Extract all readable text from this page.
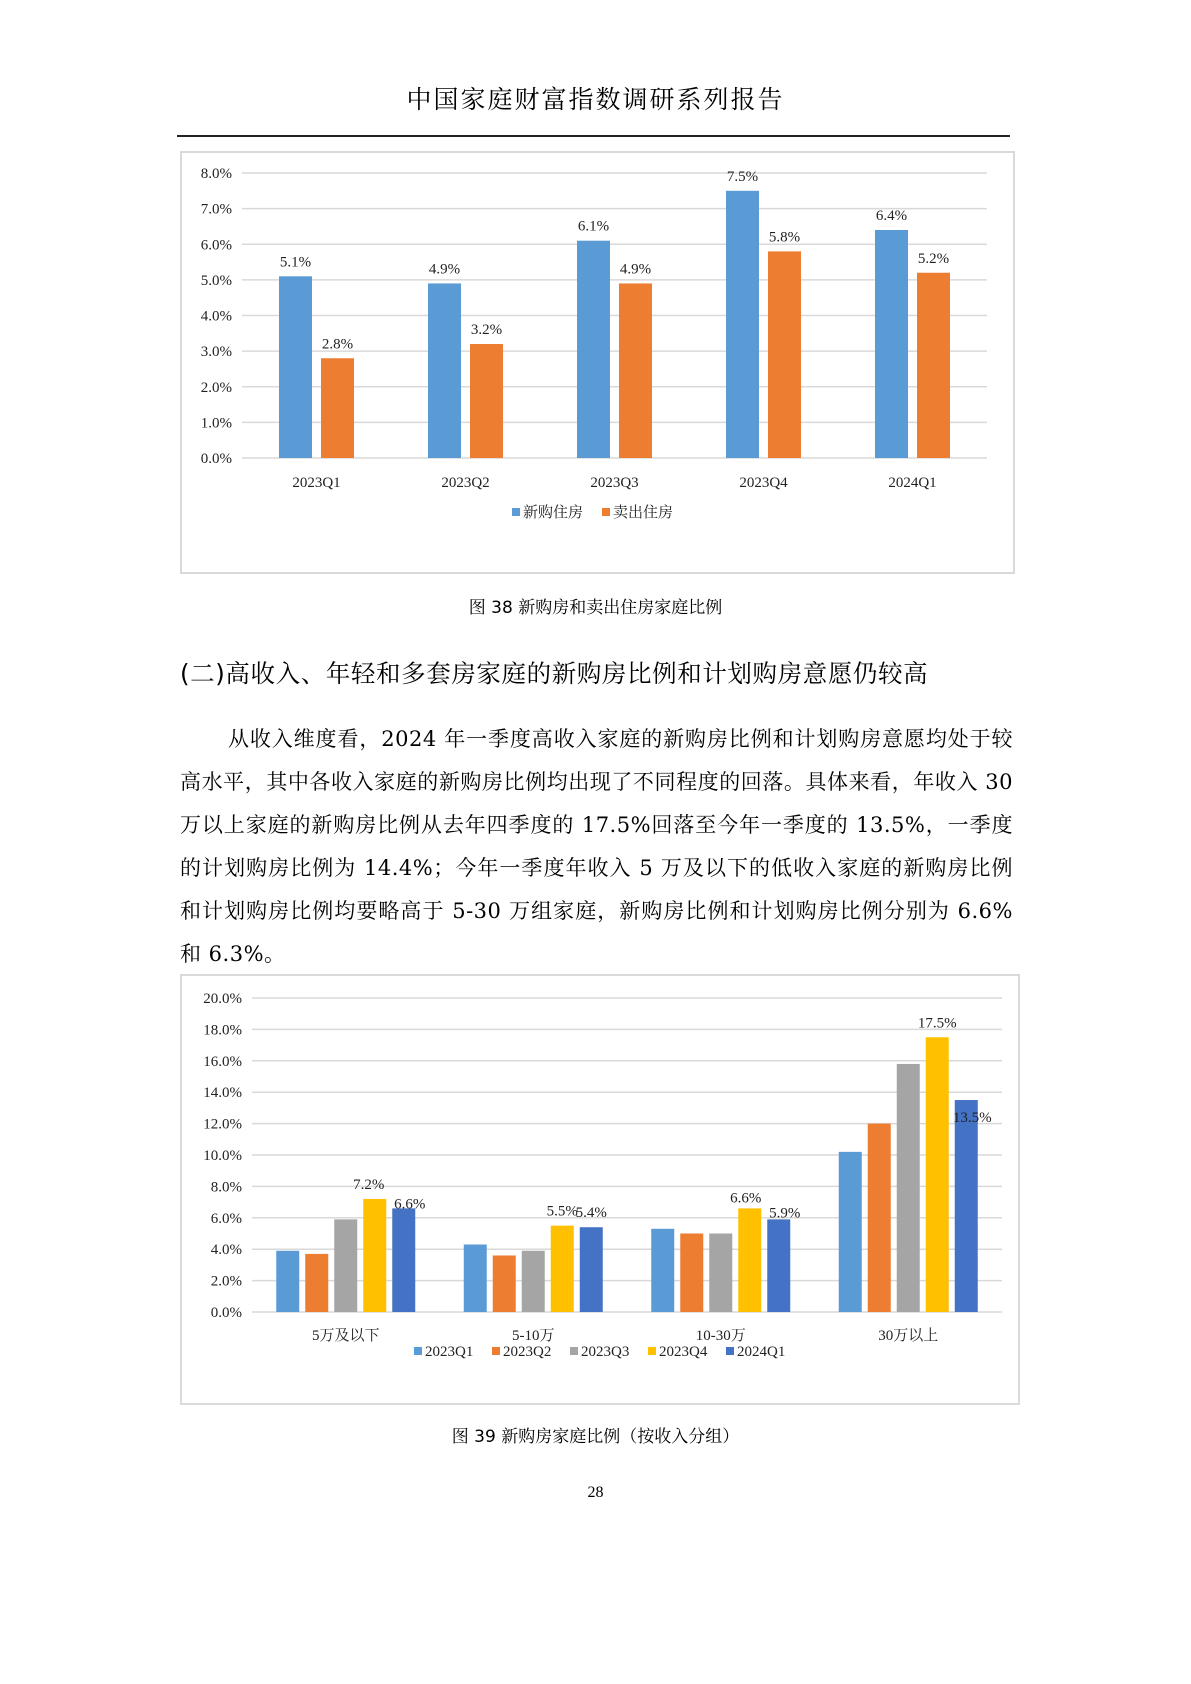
中国家庭财富指数调研系列报告
0.0%
1.0%
2.0%
3.0%
4.0%
5.0%
6.0%
7.0%
8.0%
5.1%
2.8%
2023Q1
4.9%
3.2%
2023Q2
6.1%
4.9%
2023Q3
7.5%
5.8%
2023Q4
6.4%
5.2%
2024Q1
新购住房 卖出住房
图 38 新购房和卖出住房家庭比例
(二)高收入、年轻和多套房家庭的新购房比例和计划购房意愿仍较高
从收入维度看，2024 年一季度高收入家庭的新购房比例和计划购房意愿均处于较高水平，其中各收入家庭的新购房比例均出现了不同程度的回落。具体来看，年收入 30 万以上家庭的新购房比例从去年四季度的 17.5%回落至今年一季度的 13.5%，一季度的计划购房比例为 14.4%；今年一季度年收入 5 万及以下的低收入家庭的新购房比例和计划购房比例均要略高于 5-30 万组家庭，新购房比例和计划购房比例分别为 6.6%和 6.3%。
0.0%
2.0%
4.0%
6.0%
8.0%
10.0%
12.0%
14.0%
16.0%
18.0%
20.0%
7.2%
6.6%
5万及以下
5.5%
5.4%
5-10万
6.6%
5.9%
10-30万
17.5%
13.5%
30万以上
2023Q1 2023Q2 2023Q3 2023Q4 2024Q1
图 39 新购房家庭比例（按收入分组）
28
